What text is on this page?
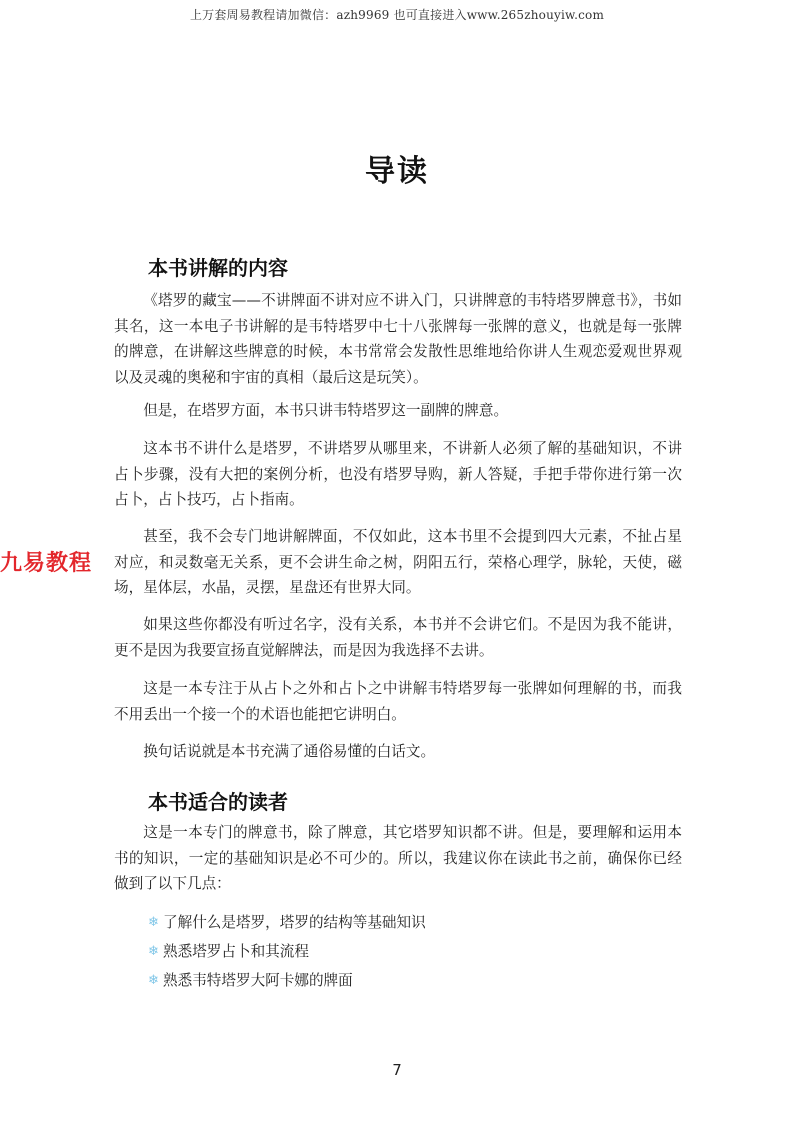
上万套周易教程请加微信：azh9969 也可直接进入www.265zhouyiw.com
导读
本书讲解的内容

《塔罗的藏宝——不讲牌面不讲对应不讲入门，只讲牌意的韦特塔罗牌意书》，书如其名，这一本电子书讲解的是韦特塔罗中七十八张牌每一张牌的意义，也就是每一张牌的牌意，在讲解这些牌意的时候，本书常常会发散性思维地给你讲人生观恋爱观世界观以及灵魂的奥秘和宇宙的真相（最后这是玩笑）。

但是，在塔罗方面，本书只讲韦特塔罗这一副牌的牌意。

这本书不讲什么是塔罗，不讲塔罗从哪里来，不讲新人必须了解的基础知识，不讲占卜步骤，没有大把的案例分析，也没有塔罗导购，新人答疑，手把手带你进行第一次占卜，占卜技巧，占卜指南。

甚至，我不会专门地讲解牌面，不仅如此，这本书里不会提到四大元素，不扯占星对应，和灵数毫无关系，更不会讲生命之树，阴阳五行，荣格心理学，脉轮，天使，磁场，星体层，水晶，灵摆，星盘还有世界大同。

如果这些你都没有听过名字，没有关系，本书并不会讲它们。不是因为我不能讲，更不是因为我要宣扬直觉解牌法，而是因为我选择不去讲。

这是一本专注于从占卜之外和占卜之中讲解韦特塔罗每一张牌如何理解的书，而我不用丢出一个接一个的术语也能把它讲明白。

换句话说就是本书充满了通俗易懂的白话文。

九易教程
本书适合的读者

这是一本专门的牌意书，除了牌意，其它塔罗知识都不讲。但是，要理解和运用本书的知识，一定的基础知识是必不可少的。所以，我建议你在读此书之前，确保你已经做到了以下几点：

❄ 了解什么是塔罗，塔罗的结构等基础知识
❄ 熟悉塔罗占卜和其流程
❄ 熟悉韦特塔罗大阿卡娜的牌面
7
